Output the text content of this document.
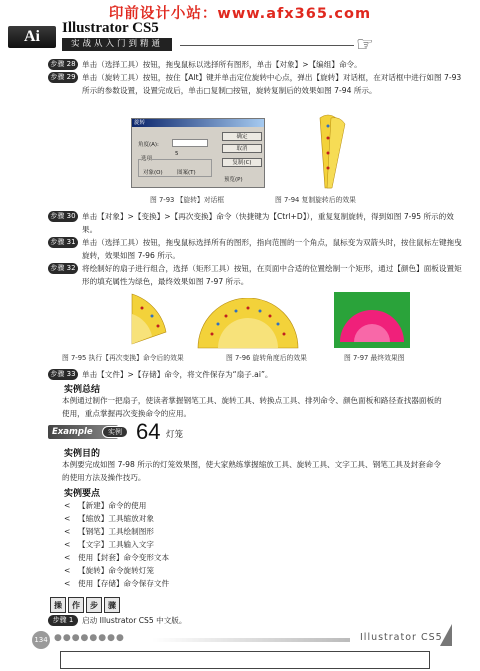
印前设计小站：www.afx365.com
Ai	Illustrator CS5
实战从入门到精通	☞
步骤 28 单击（选择工具）按钮，拖曳鼠标以选择所有图形，单击【对象】>【编组】命令。
步骤 29 单击（旋转工具）按钮，按住【Alt】键并单击定位旋转中心点，弹出【旋转】对话框，在对话框中进行如图 7-93 所示的参数设置，设置完成后，单击□复制□按钮，旋转复制后的效果如图 7-94 所示。
旋转
角度(A):
5
确定
取消
复制(C)
选项
对象(O)	图案(T)
预览(P)
图 7-93 【旋转】对话框	图 7-94 复制旋转后的效果
步骤 30 单击【对象】>【变换】>【再次变换】命令（快捷键为【Ctrl+D】），重复复制旋转，得到如图 7-95 所示的效果。
步骤 31 单击（选择工具）按钮，拖曳鼠标选择所有的图形，指向范围的一个角点，鼠标变为双箭头时，按住鼠标左键拖曳旋转，效果如图 7-96 所示。
步骤 32 将绘制好的扇子进行组合，选择（矩形工具）按钮，在页面中合适的位置绘制一个矩形，通过【颜色】面板设置矩形的填充属性为绿色，最终效果如图 7-97 所示。
图 7-95 执行【再次变换】命令后的效果	图 7-96 旋转角度后的效果	图 7-97 最终效果图
步骤 33 单击【文件】>【存储】命令，将文件保存为“扇子.ai”。
实例总结
本例通过制作一把扇子，使读者掌握钢笔工具、旋转工具、转换点工具、排列命令、颜色面板和路径查找器面板的使用，重点掌握再次变换命令的应用。
Example	实例 64 灯笼
实例目的
本例要完成如图 7-98 所示的灯笼效果图，使大家熟练掌握缩放工具、旋转工具、文字工具、钢笔工具及封套命令的使用方法及操作技巧。
实例要点
< 【新建】命令的使用
< 【缩放】工具缩放对象
< 【钢笔】工具绘制图形
< 【文字】工具输入文字
< 使用【封套】命令变形文本
< 【旋转】命令旋转灯笼
< 使用【存储】命令保存文件
操 作 步 骤
步骤 1	启动 Illustrator CS5 中文版。
134 ●●●●●●●●	Illustrator CS5
